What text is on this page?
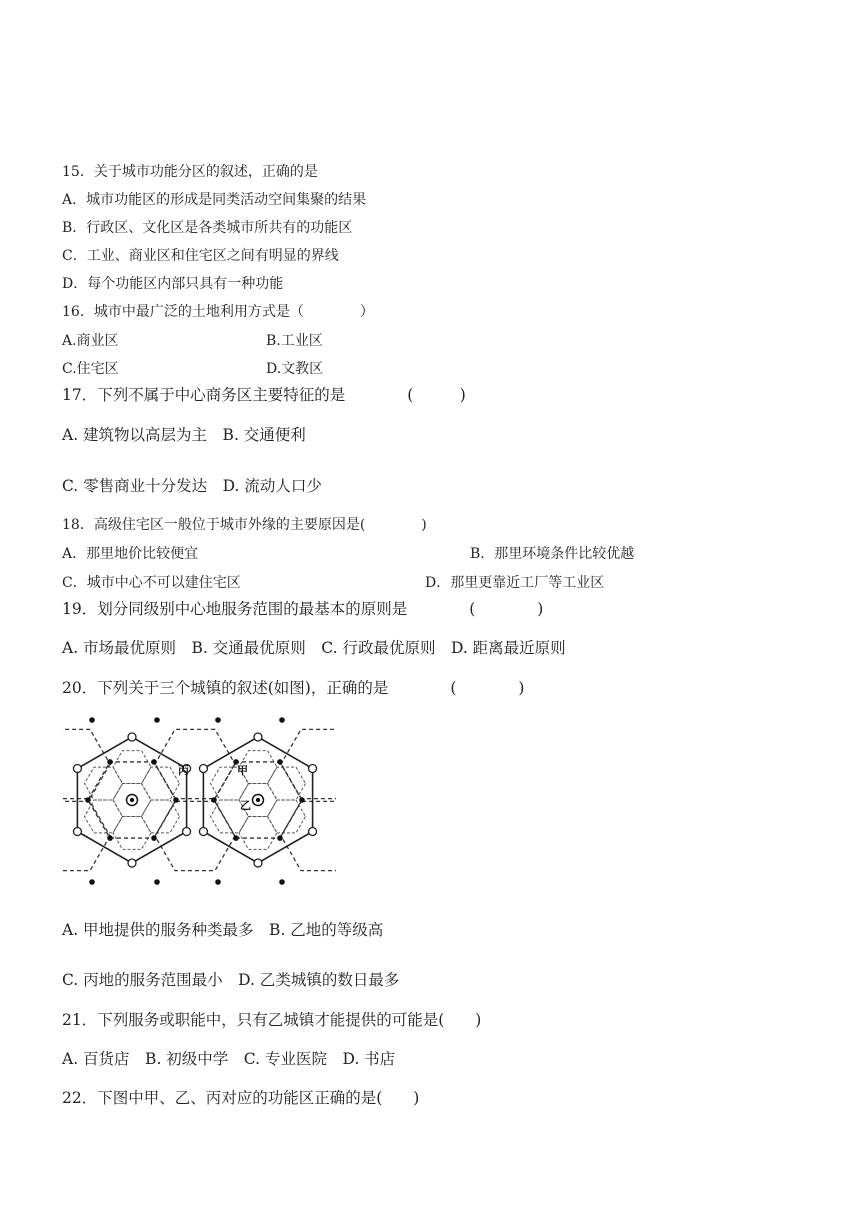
15．关于城市功能分区的叙述，正确的是
A．城市功能区的形成是同类活动空间集聚的结果
B．行政区、文化区是各类城市所共有的功能区
C．工业、商业区和住宅区之间有明显的界线
D．每个功能区内部只具有一种功能
16．城市中最广泛的土地利用方式是（　　　　）
A.商业区	B.工业区
C.住宅区	D.文教区
17．下列不属于中心商务区主要特征的是　　　　(　　　)
A. 建筑物以高层为主　B. 交通便利
C. 零售商业十分发达　D. 流动人口少
18．高级住宅区一般位于城市外缘的主要原因是(　　　　)
A．那里地价比较便宜	B．那里环境条件比较优越
C．城市中心不可以建住宅区	D．那里更靠近工厂等工业区
19．划分同级别中心地服务范围的最基本的原则是　　　　(　　　　)
A. 市场最优原则　B. 交通最优原则　C. 行政最优原则　D. 距离最近原则
20．下列关于三个城镇的叙述(如图)，正确的是　　　　(　　　　)
丙	甲
乙
A. 甲地提供的服务种类最多　B. 乙地的等级高
C. 丙地的服务范围最小　D. 乙类城镇的数日最多
21．下列服务或职能中，只有乙城镇才能提供的可能是(　　)
A. 百货店　B. 初级中学　C. 专业医院　D. 书店
22．下图中甲、乙、丙对应的功能区正确的是(　　)
